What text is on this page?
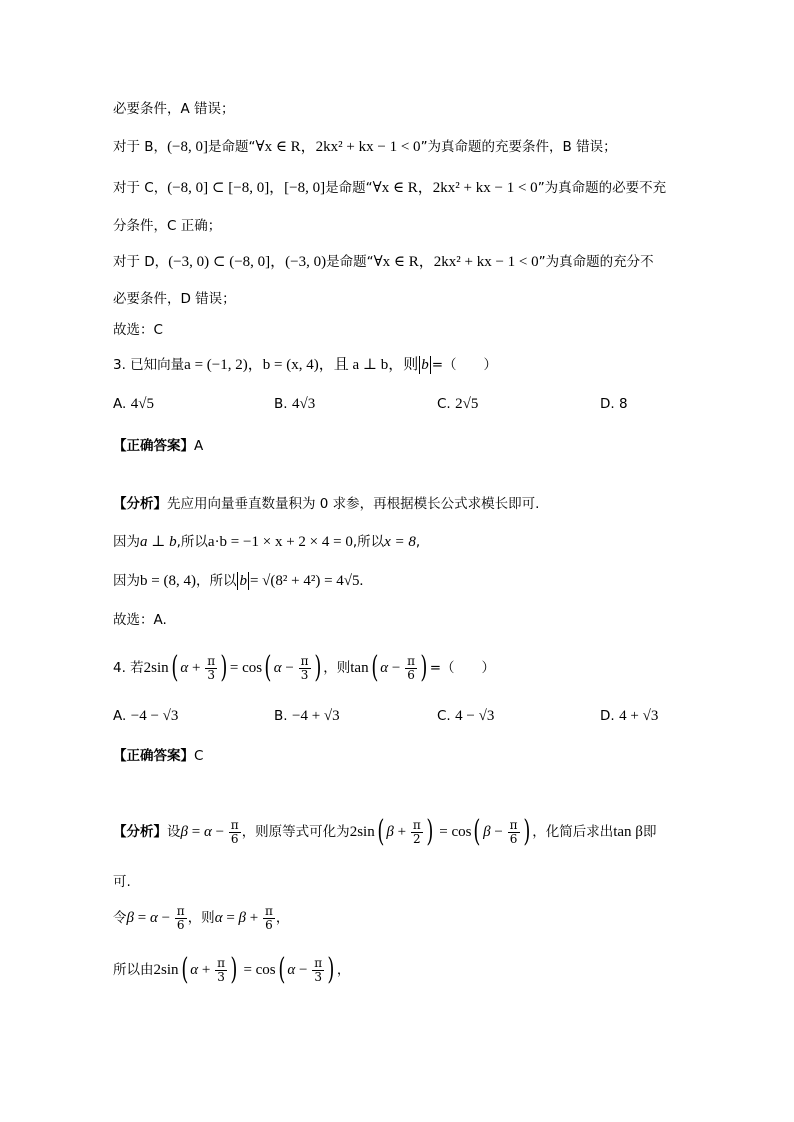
必要条件，A 错误；
对于 B，(−8, 0]是命题“∀x ∈ R，2kx² + kx − 1 < 0”为真命题的充要条件，B 错误；
对于 C，(−8, 0] ⊂ [−8, 0]，[−8, 0]是命题“∀x ∈ R，2kx² + kx − 1 < 0”为真命题的必要不充
分条件，C 正确；
对于 D，(−3, 0) ⊂ (−8, 0]，(−3, 0)是命题“∀x ∈ R，2kx² + kx − 1 < 0”为真命题的充分不
必要条件，D 错误；
故选：C
3. 已知向量a = (−1, 2)，b = (x, 4)，且 a ⊥ b，则 b =（　　）
A. 4√5	B. 4√3	C. 2√5	D. 8
【正确答案】A
【分析】先应用向量垂直数量积为 0 求参，再根据模长公式求模长即可.
因为a ⊥ b,所以a·b = −1 × x + 2 × 4 = 0,所以x = 8,
因为b = (8, 4)，所以 b = √(8² + 4²) = 4√5.
故选：A.
4. 若2sin( $\alpha + \frac{\pi}{3}$ ) = cos( $\alpha - \frac{\pi}{3}$ ) ，则tan( $\alpha - \frac{\pi}{6}$ ) =（　　）
A. −4 − √3	B. −4 + √3	C. 4 − √3	D. 4 + √3
【正确答案】C
【分析】设$\beta = \alpha - \frac{\pi}{6}$ ，则原等式可化为2sin( $\beta + \frac{\pi}{2}$ ) = cos( $\beta - \frac{\pi}{6}$ ) ，化简后求出tan β即
可.
令$\beta = \alpha - \frac{\pi}{6}$ ，则$\alpha = \beta + \frac{\pi}{6}$ ，
所以由2sin( $\alpha + \frac{\pi}{3}$ ) = cos( $\alpha - \frac{\pi}{3}$ ) ，
